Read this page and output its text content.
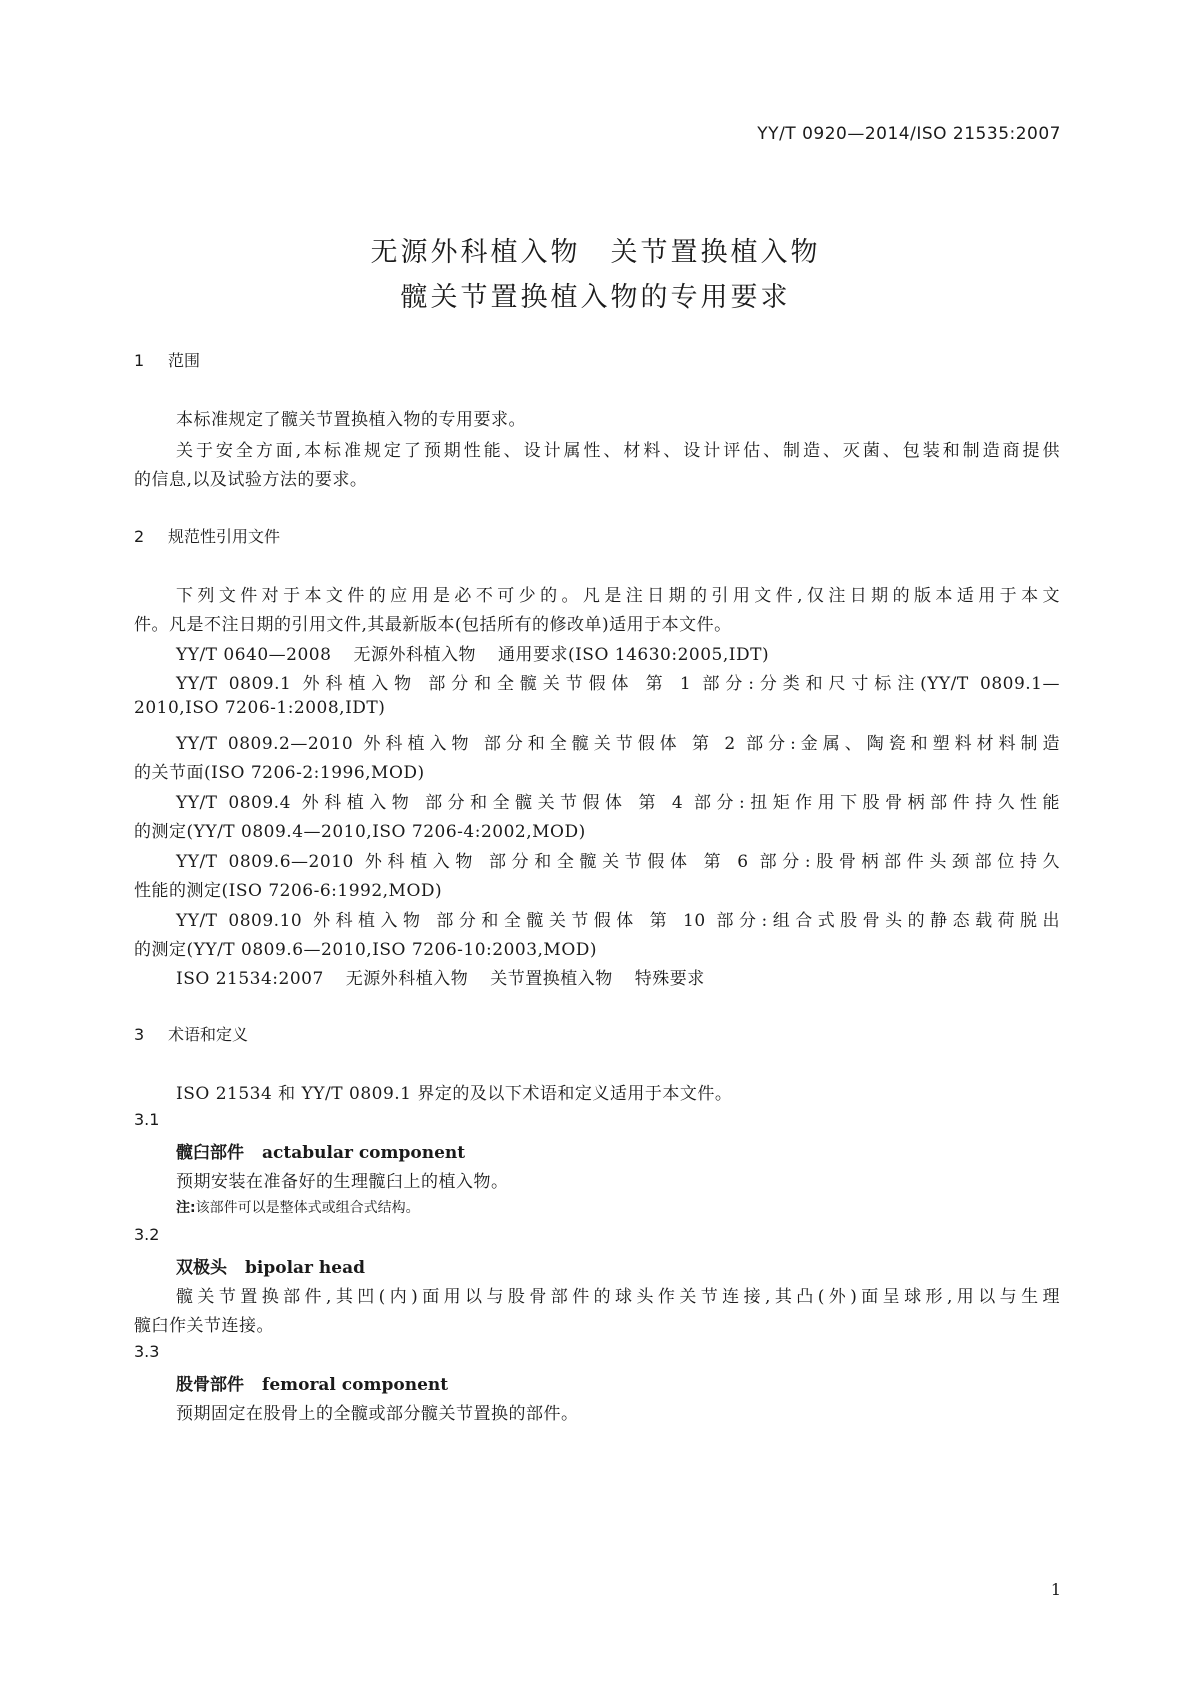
YY/T 0920—2014/ISO 21535:2007
无源外科植入物 关节置换植入物
髋关节置换植入物的专用要求
1 范围
本标准规定了髋关节置换植入物的专用要求。
关于安全方面,本标准规定了预期性能、设计属性、材料、设计评估、制造、灭菌、包装和制造商提供
的信息,以及试验方法的要求。
2 规范性引用文件
下列文件对于本文件的应用是必不可少的。凡是注日期的引用文件,仅注日期的版本适用于本文
件。凡是不注日期的引用文件,其最新版本(包括所有的修改单)适用于本文件。
YY/T 0640—2008 无源外科植入物 通用要求(ISO 14630:2005,IDT)
YY/T 0809.1 外科植入物 部分和全髋关节假体 第 1 部分:分类和尺寸标注(YY/T 0809.1—
2010,ISO 7206-1:2008,IDT)
YY/T 0809.2—2010 外科植入物 部分和全髋关节假体 第 2 部分:金属、陶瓷和塑料材料制造
的关节面(ISO 7206-2:1996,MOD)
YY/T 0809.4 外科植入物 部分和全髋关节假体 第 4 部分:扭矩作用下股骨柄部件持久性能
的测定(YY/T 0809.4—2010,ISO 7206-4:2002,MOD)
YY/T 0809.6—2010 外科植入物 部分和全髋关节假体 第 6 部分:股骨柄部件头颈部位持久
性能的测定(ISO 7206-6:1992,MOD)
YY/T 0809.10 外科植入物 部分和全髋关节假体 第 10 部分:组合式股骨头的静态载荷脱出
的测定(YY/T 0809.6—2010,ISO 7206-10:2003,MOD)
ISO 21534:2007 无源外科植入物 关节置换植入物 特殊要求
3 术语和定义
ISO 21534 和 YY/T 0809.1 界定的及以下术语和定义适用于本文件。
3.1
髋臼部件 actabular component
预期安装在准备好的生理髋臼上的植入物。
注:该部件可以是整体式或组合式结构。
3.2
双极头 bipolar head
髋关节置换部件,其凹(内)面用以与股骨部件的球头作关节连接,其凸(外)面呈球形,用以与生理
髋臼作关节连接。
3.3
股骨部件 femoral component
预期固定在股骨上的全髋或部分髋关节置换的部件。
1
